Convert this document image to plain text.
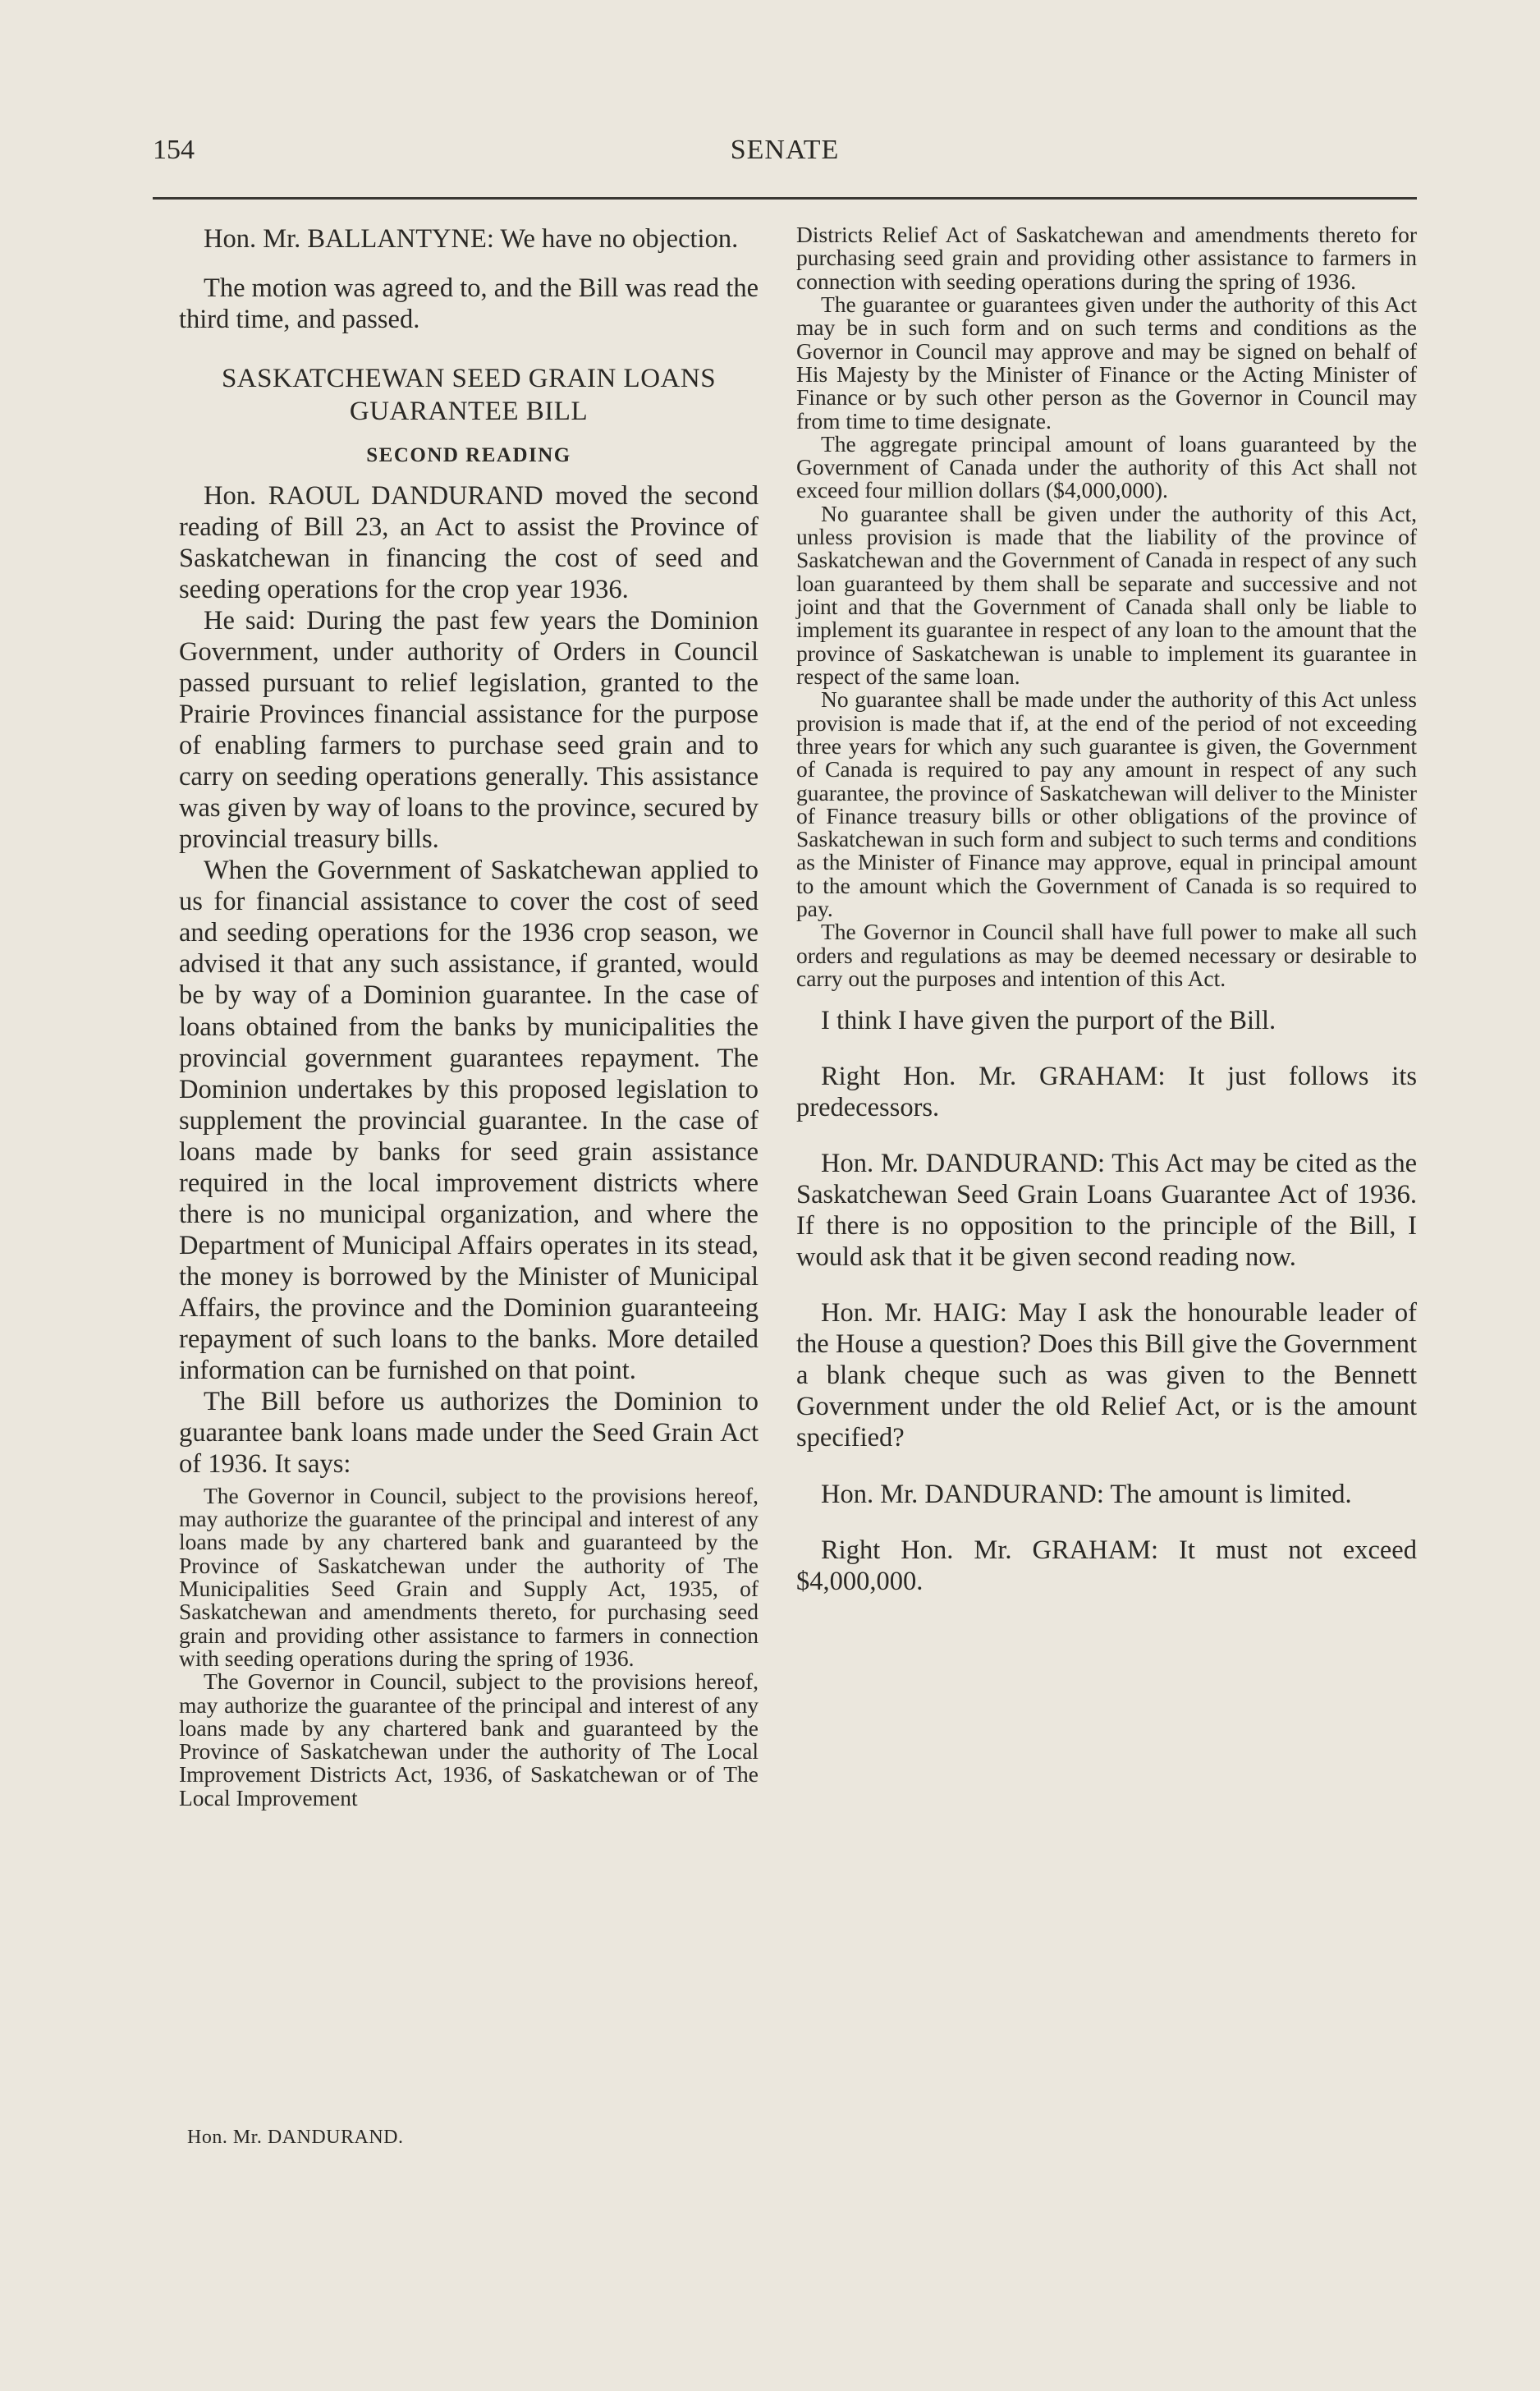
154	SENATE

Hon. Mr. BALLANTYNE: We have no objection.

The motion was agreed to, and the Bill was read the third time, and passed.

SASKATCHEWAN SEED GRAIN LOANS

GUARANTEE BILL

SECOND READING

Hon. RAOUL DANDURAND moved the second reading of Bill 23, an Act to assist the Province of Saskatchewan in financing the cost of seed and seeding operations for the crop year 1936.

He said: During the past few years the Dominion Government, under authority of Orders in Council passed pursuant to relief legislation, granted to the Prairie Provinces financial assistance for the purpose of enabling farmers to purchase seed grain and to carry on seeding operations generally. This assistance was given by way of loans to the province, secured by provincial treasury bills.

When the Government of Saskatchewan applied to us for financial assistance to cover the cost of seed and seeding operations for the 1936 crop season, we advised it that any such assistance, if granted, would be by way of a Dominion guarantee. In the case of loans obtained from the banks by municipalities the provincial government guarantees repayment. The Dominion undertakes by this proposed legislation to supplement the provincial guarantee. In the case of loans made by banks for seed grain assistance required in the local improvement districts where there is no municipal organization, and where the Department of Municipal Affairs operates in its stead, the money is borrowed by the Minister of Municipal Affairs, the province and the Dominion guaranteeing repayment of such loans to the banks. More detailed information can be furnished on that point.

The Bill before us authorizes the Dominion to guarantee bank loans made under the Seed Grain Act of 1936. It says:

The Governor in Council, subject to the provisions hereof, may authorize the guarantee of the principal and interest of any loans made by any chartered bank and guaranteed by the Province of Saskatchewan under the authority of The Municipalities Seed Grain and Supply Act, 1935, of Saskatchewan and amendments thereto, for purchasing seed grain and providing other assistance to farmers in connection with seeding operations during the spring of 1936.

The Governor in Council, subject to the provisions hereof, may authorize the guarantee of the principal and interest of any loans made by any chartered bank and guaranteed by the Province of Saskatchewan under the authority of The Local Improvement Districts Act, 1936, of Saskatchewan or of The Local Improvement

Hon. Mr. DANDURAND.

Districts Relief Act of Saskatchewan and amendments thereto for purchasing seed grain and providing other assistance to farmers in connection with seeding operations during the spring of 1936.

The guarantee or guarantees given under the authority of this Act may be in such form and on such terms and conditions as the Governor in Council may approve and may be signed on behalf of His Majesty by the Minister of Finance or the Acting Minister of Finance or by such other person as the Governor in Council may from time to time designate.

The aggregate principal amount of loans guaranteed by the Government of Canada under the authority of this Act shall not exceed four million dollars ($4,000,000).

No guarantee shall be given under the authority of this Act, unless provision is made that the liability of the province of Saskatchewan and the Government of Canada in respect of any such loan guaranteed by them shall be separate and successive and not joint and that the Government of Canada shall only be liable to implement its guarantee in respect of any loan to the amount that the province of Saskatchewan is unable to implement its guarantee in respect of the same loan.

No guarantee shall be made under the authority of this Act unless provision is made that if, at the end of the period of not exceeding three years for which any such guarantee is given, the Government of Canada is required to pay any amount in respect of any such guarantee, the province of Saskatchewan will deliver to the Minister of Finance treasury bills or other obligations of the province of Saskatchewan in such form and subject to such terms and conditions as the Minister of Finance may approve, equal in principal amount to the amount which the Government of Canada is so required to pay.

The Governor in Council shall have full power to make all such orders and regulations as may be deemed necessary or desirable to carry out the purposes and intention of this Act.

I think I have given the purport of the Bill.

Right Hon. Mr. GRAHAM: It just follows its predecessors.

Hon. Mr. DANDURAND: This Act may be cited as the Saskatchewan Seed Grain Loans Guarantee Act of 1936. If there is no opposition to the principle of the Bill, I would ask that it be given second reading now.

Hon. Mr. HAIG: May I ask the honourable leader of the House a question? Does this Bill give the Government a blank cheque such as was given to the Bennett Government under the old Relief Act, or is the amount specified?

Hon. Mr. DANDURAND: The amount is limited.

Right Hon. Mr. GRAHAM: It must not exceed $4,000,000.
